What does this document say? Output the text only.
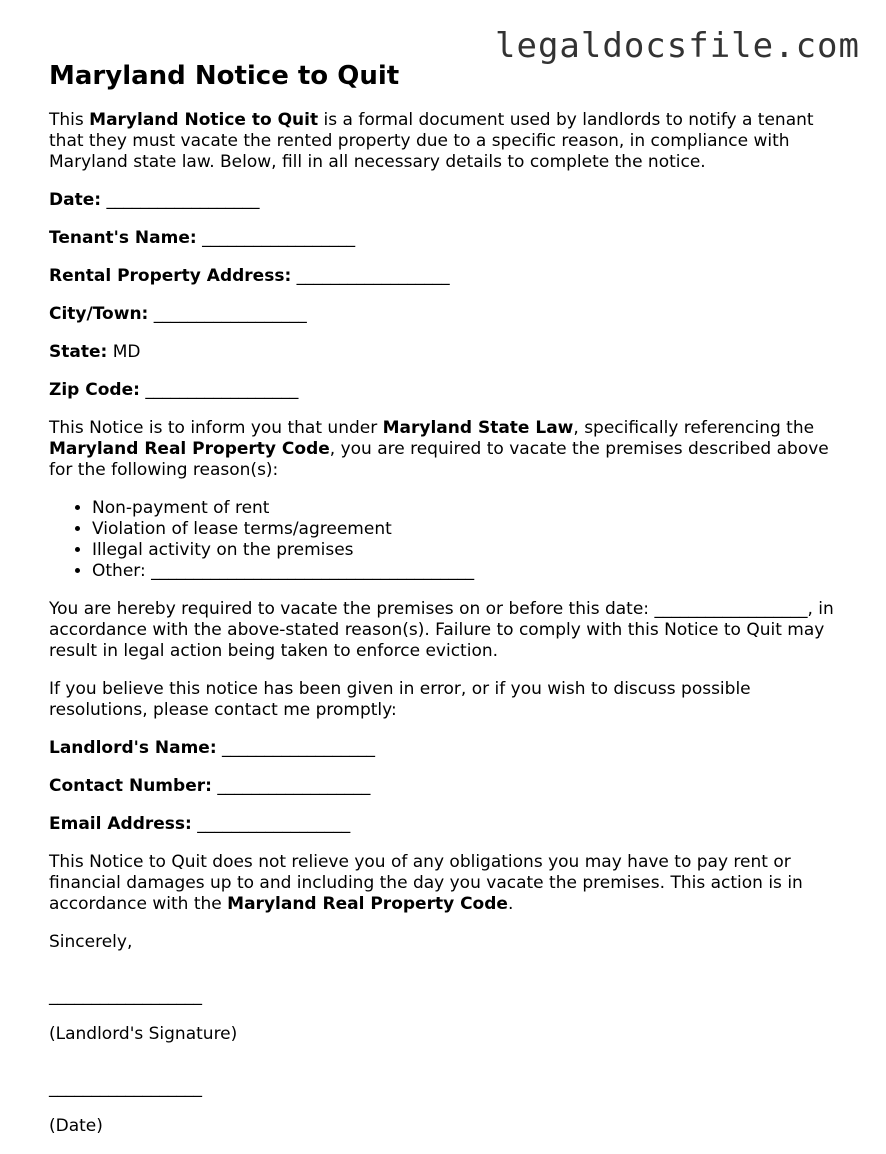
legaldocsfile.com
Maryland Notice to Quit

This Maryland Notice to Quit is a formal document used by landlords to notify a tenant that they must vacate the rented property due to a specific reason, in compliance with Maryland state law. Below, fill in all necessary details to complete the notice.

Date: __________________
Tenant's Name: __________________
Rental Property Address: __________________
City/Town: __________________
State: MD
Zip Code: __________________

This Notice is to inform you that under Maryland State Law, specifically referencing the Maryland Real Property Code, you are required to vacate the premises described above for the following reason(s):

• Non-payment of rent
• Violation of lease terms/agreement
• Illegal activity on the premises
• Other: ______________________________________

You are hereby required to vacate the premises on or before this date: __________________, in accordance with the above-stated reason(s). Failure to comply with this Notice to Quit may result in legal action being taken to enforce eviction.

If you believe this notice has been given in error, or if you wish to discuss possible resolutions, please contact me promptly:

Landlord's Name: __________________
Contact Number: __________________
Email Address: __________________

This Notice to Quit does not relieve you of any obligations you may have to pay rent or financial damages up to and including the day you vacate the premises. This action is in accordance with the Maryland Real Property Code.

Sincerely,

__________________

(Landlord's Signature)

__________________

(Date)
